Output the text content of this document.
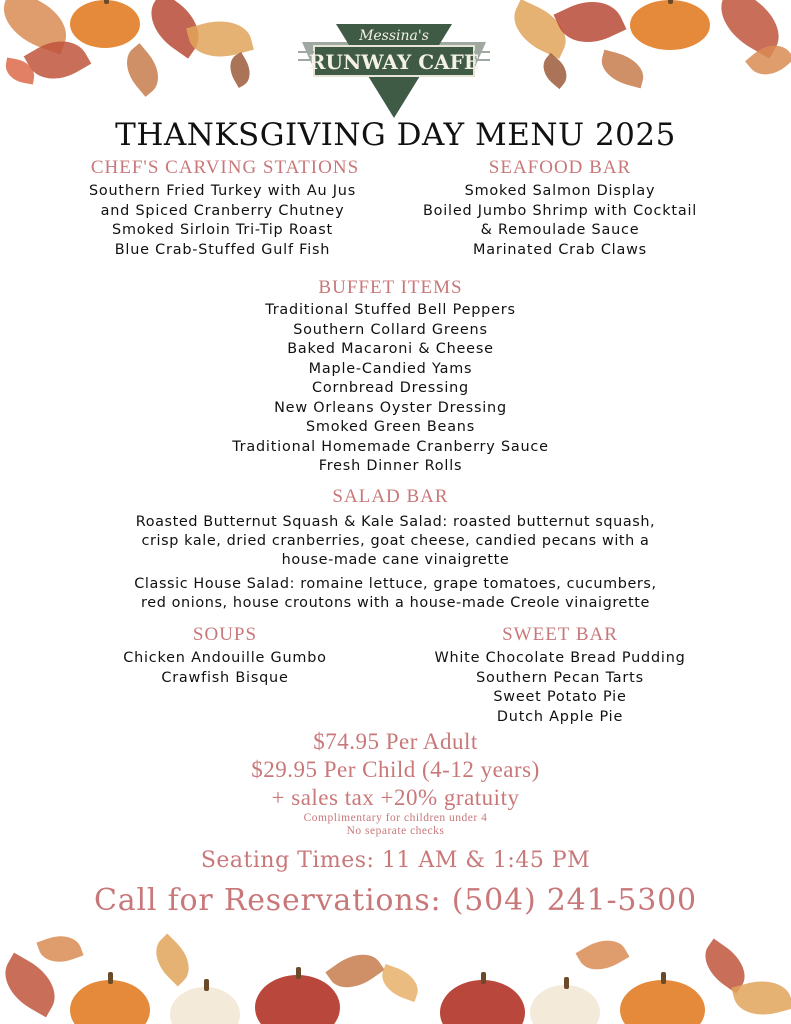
Messina's
RUNWAY CAFE
THANKSGIVING DAY MENU 2025
CHEF'S CARVING STATIONS
Southern Fried Turkey with Au Jus
and Spiced Cranberry Chutney
Smoked Sirloin Tri-Tip Roast
Blue Crab-Stuffed Gulf Fish
SEAFOOD BAR
Smoked Salmon Display
Boiled Jumbo Shrimp with Cocktail
& Remoulade Sauce
Marinated Crab Claws
BUFFET ITEMS
Traditional Stuffed Bell Peppers
Southern Collard Greens
Baked Macaroni & Cheese
Maple-Candied Yams
Cornbread Dressing
New Orleans Oyster Dressing
Smoked Green Beans
Traditional Homemade Cranberry Sauce
Fresh Dinner Rolls
SALAD BAR
Roasted Butternut Squash & Kale Salad: roasted butternut squash,
crisp kale, dried cranberries, goat cheese, candied pecans with a
house-made cane vinaigrette
Classic House Salad: romaine lettuce, grape tomatoes, cucumbers,
red onions, house croutons with a house-made Creole vinaigrette
SOUPS
Chicken Andouille Gumbo
Crawfish Bisque
SWEET BAR
White Chocolate Bread Pudding
Southern Pecan Tarts
Sweet Potato Pie
Dutch Apple Pie
$74.95 Per Adult
$29.95 Per Child (4-12 years)
+ sales tax +20% gratuity
Complimentary for children under 4
No separate checks
Seating Times: 11 AM & 1:45 PM
Call for Reservations: (504) 241-5300
